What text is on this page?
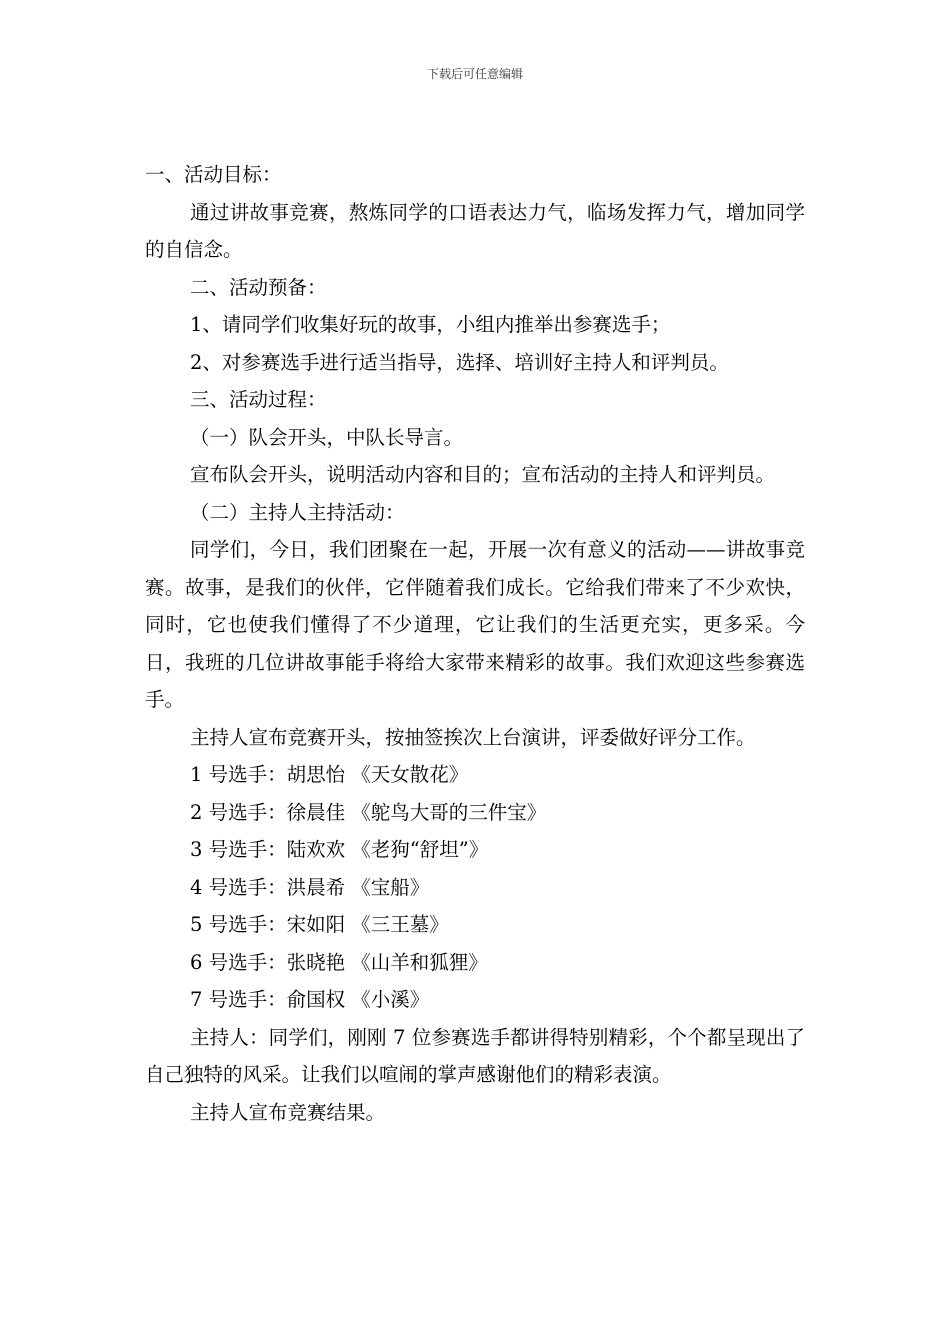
下载后可任意编辑

一、活动目标：

通过讲故事竞赛，熬炼同学的口语表达力气，临场发挥力气，增加同学的自信念。

二、活动预备：

1、请同学们收集好玩的故事，小组内推举出参赛选手；

2、对参赛选手进行适当指导，选择、培训好主持人和评判员。

三、活动过程：

（一）队会开头，中队长导言。

宣布队会开头，说明活动内容和目的；宣布活动的主持人和评判员。

（二）主持人主持活动：

同学们，今日，我们团聚在一起，开展一次有意义的活动——讲故事竞赛。故事，是我们的伙伴，它伴随着我们成长。它给我们带来了不少欢快，同时，它也使我们懂得了不少道理，它让我们的生活更充实，更多采。今日，我班的几位讲故事能手将给大家带来精彩的故事。我们欢迎这些参赛选手。

主持人宣布竞赛开头，按抽签挨次上台演讲，评委做好评分工作。

1 号选手：胡思怡 《天女散花》

2 号选手：徐晨佳 《鸵鸟大哥的三件宝》

3 号选手：陆欢欢 《老狗“舒坦”》

4 号选手：洪晨希 《宝船》

5 号选手：宋如阳 《三王墓》

6 号选手：张晓艳 《山羊和狐狸》

7 号选手：俞国权 《小溪》

主持人：同学们，刚刚 7 位参赛选手都讲得特别精彩，个个都呈现出了自己独特的风采。让我们以喧闹的掌声感谢他们的精彩表演。

主持人宣布竞赛结果。
